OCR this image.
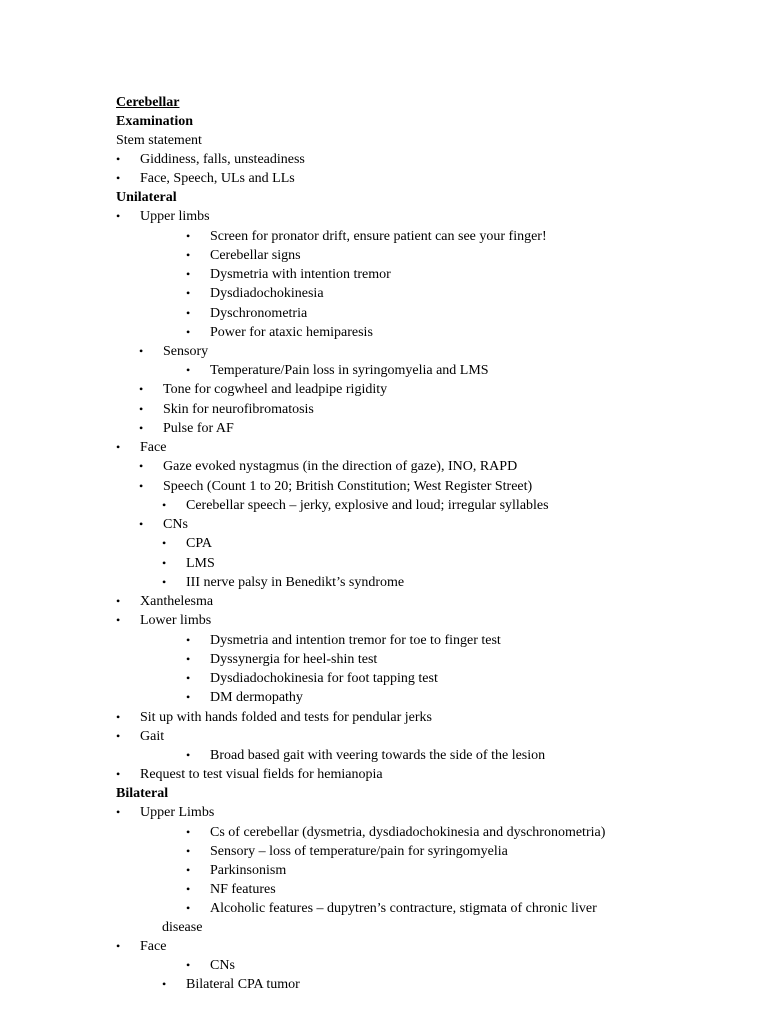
Cerebellar
Examination
Stem statement
• Giddiness, falls, unsteadiness
• Face, Speech, ULs and LLs
Unilateral
• Upper limbs
• Screen for pronator drift, ensure patient can see your finger!
• Cerebellar signs
• Dysmetria with intention tremor
• Dysdiadochokinesia
• Dyschronometria
• Power for ataxic hemiparesis
• Sensory
• Temperature/Pain loss in syringomyelia and LMS
• Tone for cogwheel and leadpipe rigidity
• Skin for neurofibromatosis
• Pulse for AF
• Face
• Gaze evoked nystagmus (in the direction of gaze), INO, RAPD
• Speech (Count 1 to 20; British Constitution; West Register Street)
• Cerebellar speech – jerky, explosive and loud; irregular syllables
• CNs
• CPA
• LMS
• III nerve palsy in Benedikt’s syndrome
• Xanthelesma
• Lower limbs
• Dysmetria and intention tremor for toe to finger test
• Dyssynergia for heel-shin test
• Dysdiadochokinesia for foot tapping test
• DM dermopathy
• Sit up with hands folded and tests for pendular jerks
• Gait
• Broad based gait with veering towards the side of the lesion
• Request to test visual fields for hemianopia
Bilateral
• Upper Limbs
• Cs of cerebellar (dysmetria, dysdiadochokinesia and dyschronometria)
• Sensory – loss of temperature/pain for syringomyelia
• Parkinsonism
• NF features
• Alcoholic features – dupytren’s contracture, stigmata of chronic liver
disease
• Face
• CNs
• Bilateral CPA tumor
